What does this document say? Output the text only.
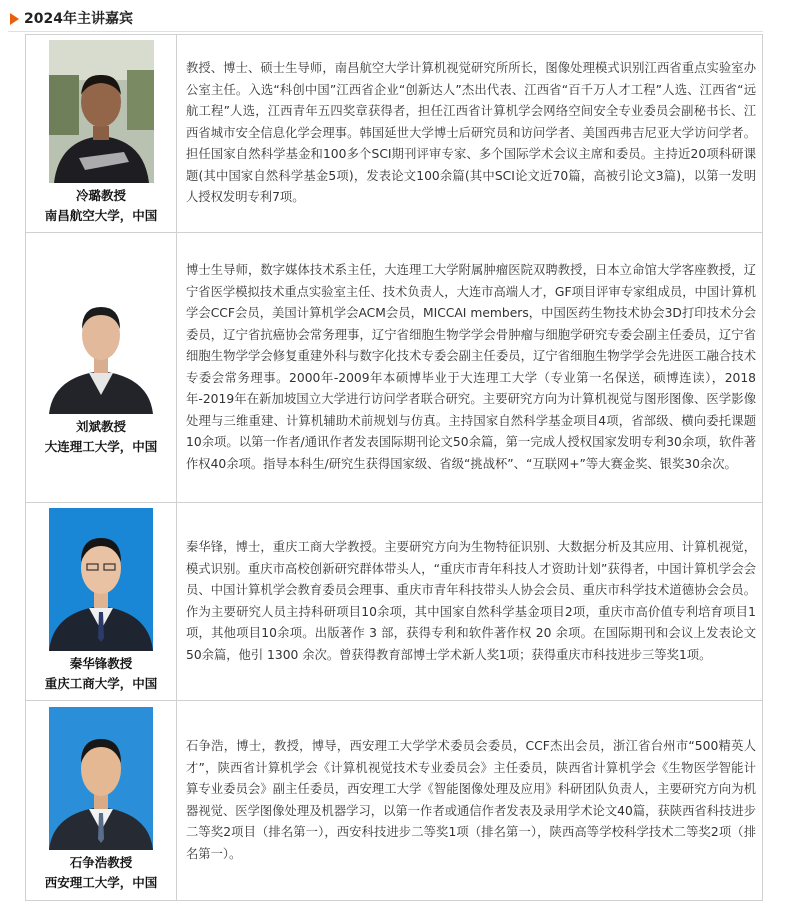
2024年主讲嘉宾
冷璐教授
南昌航空大学，中国	教授、博士、硕士生导师，南昌航空大学计算机视觉研究所所长，图像处理模式识别江西省重点实验室办公室主任。入选“科创中国”江西省企业“创新达人”杰出代表、江西省“百千万人才工程”人选、江西省“远航工程”人选，江西青年五四奖章获得者，担任江西省计算机学会网络空间安全专业委员会副秘书长、江西省城市安全信息化学会理事。韩国延世大学博士后研究员和访问学者、美国西弗吉尼亚大学访问学者。担任国家自然科学基金和100多个SCI期刊评审专家、多个国际学术会议主席和委员。主持近20项科研课题(其中国家自然科学基金5项)，发表论文100余篇(其中SCI论文近70篇，高被引论文3篇)，以第一发明人授权发明专利7项。

刘斌教授
大连理工大学，中国	博士生导师，数字媒体技术系主任，大连理工大学附属肿瘤医院双聘教授，日本立命馆大学客座教授，辽宁省医学模拟技术重点实验室主任、技术负责人，大连市高端人才，GF项目评审专家组成员，中国计算机学会CCF会员，美国计算机学会ACM会员，MICCAI members，中国医药生物技术协会3D打印技术分会委员，辽宁省抗癌协会常务理事，辽宁省细胞生物学学会骨肿瘤与细胞学研究专委会副主任委员，辽宁省细胞生物学学会修复重建外科与数字化技术专委会副主任委员，辽宁省细胞生物学学会先进医工融合技术专委会常务理事。2000年-2009年本硕博毕业于大连理工大学（专业第一名保送，硕博连读），2018年-2019年在新加坡国立大学进行访问学者联合研究。主要研究方向为计算机视觉与图形图像、医学影像处理与三维重建、计算机辅助术前规划与仿真。主持国家自然科学基金项目4项，省部级、横向委托课题10余项。以第一作者/通讯作者发表国际期刊论文50余篇，第一完成人授权国家发明专利30余项，软件著作权40余项。指导本科生/研究生获得国家级、省级“挑战杯”、“互联网+”等大赛金奖、银奖30余次。

秦华锋教授
重庆工商大学，中国	秦华锋，博士，重庆工商大学教授。主要研究方向为生物特征识别、大数据分析及其应用、计算机视觉，模式识别。重庆市高校创新研究群体带头人，“重庆市青年科技人才资助计划”获得者，中国计算机学会会员、中国计算机学会教育委员会理事、重庆市青年科技带头人协会会员、重庆市科学技术道德协会会员。作为主要研究人员主持科研项目10余项，其中国家自然科学基金项目2项，重庆市高价值专利培育项目1项，其他项目10余项。出版著作 3 部，获得专利和软件著作权 20 余项。在国际期刊和会议上发表论文 50余篇，他引 1300 余次。曾获得教育部博士学术新人奖1项；获得重庆市科技进步三等奖1项。

石争浩教授
西安理工大学，中国	石争浩，博士，教授，博导，西安理工大学学术委员会委员，CCF杰出会员，浙江省台州市“500精英人才”，陕西省计算机学会《计算机视觉技术专业委员会》主任委员，陕西省计算机学会《生物医学智能计算专业委员会》副主任委员，西安理工大学《智能图像处理及应用》科研团队负责人，主要研究方向为机器视觉、医学图像处理及机器学习，以第一作者或通信作者发表及录用学术论文40篇，获陕西省科技进步二等奖2项目（排名第一），西安科技进步二等奖1项（排名第一），陕西高等学校科学技术二等奖2项（排名第一）。
